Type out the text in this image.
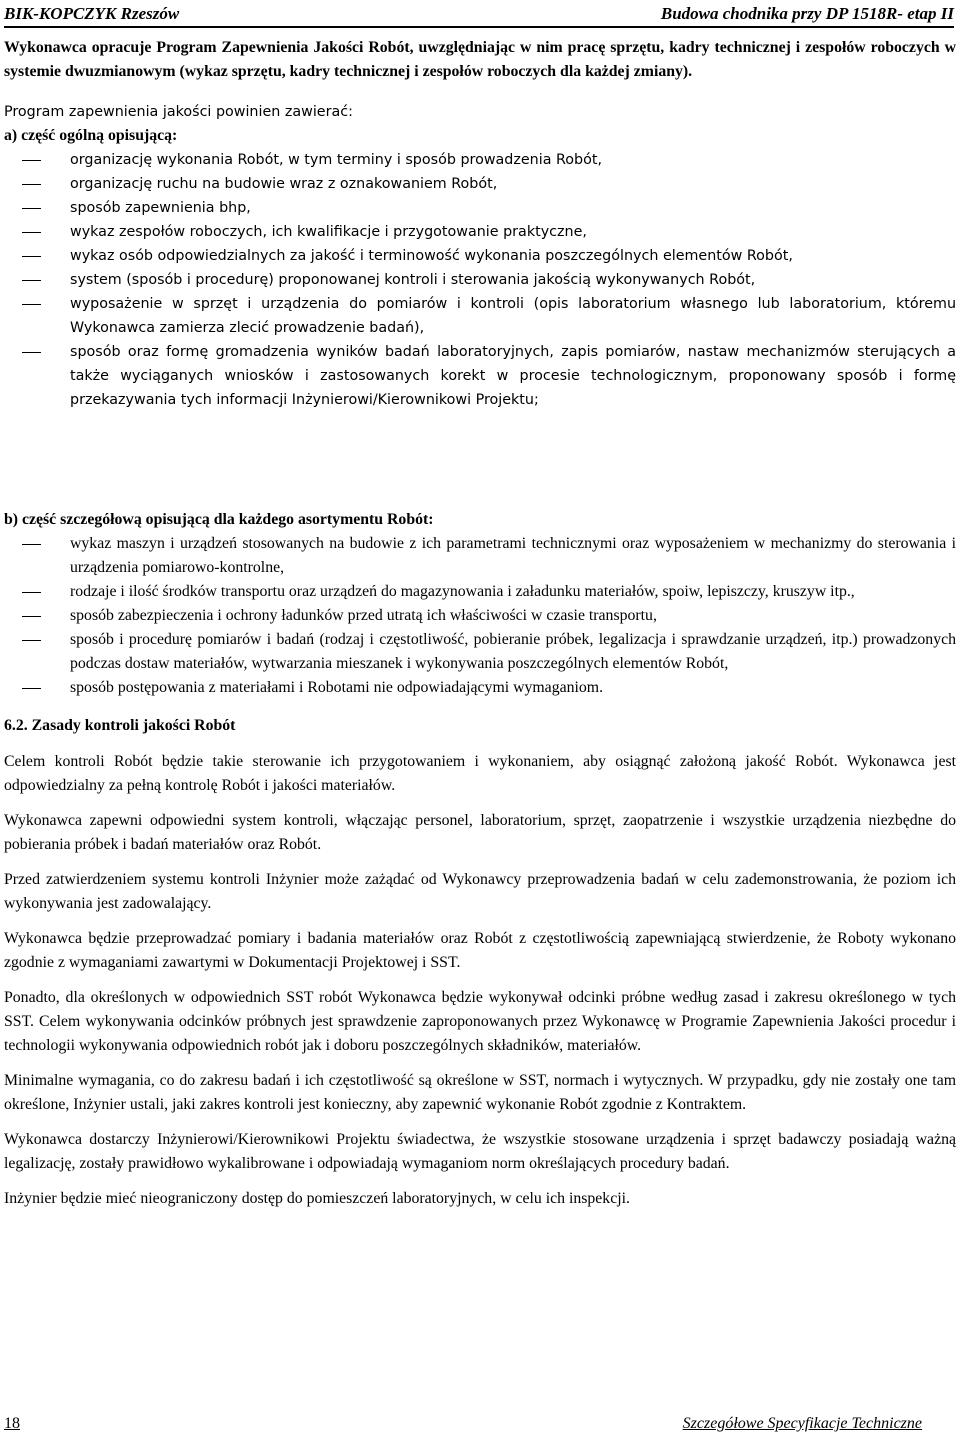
BIK-KOPCZYK Rzeszów	Budowa chodnika przy DP 1518R- etap II

Wykonawca opracuje Program Zapewnienia Jakości Robót, uwzględniając w nim pracę sprzętu, kadry technicznej i zespołów roboczych w systemie dwuzmianowym (wykaz sprzętu, kadry technicznej i zespołów roboczych dla każdej zmiany).

Program zapewnienia jakości powinien zawierać:

a) część ogólną opisującą:

organizację wykonania Robót, w tym terminy i sposób prowadzenia Robót,
organizację ruchu na budowie wraz z oznakowaniem Robót,
sposób zapewnienia bhp,
wykaz zespołów roboczych, ich kwalifikacje i przygotowanie praktyczne,
wykaz osób odpowiedzialnych za jakość i terminowość wykonania poszczególnych elementów Robót,
system (sposób i procedurę) proponowanej kontroli i sterowania jakością wykonywanych Robót,
wyposażenie w sprzęt i urządzenia do pomiarów i kontroli (opis laboratorium własnego lub laboratorium, któremu Wykonawca zamierza zlecić prowadzenie badań),
sposób oraz formę gromadzenia wyników badań laboratoryjnych, zapis pomiarów, nastaw mechanizmów sterujących a także wyciąganych wniosków i zastosowanych korekt w procesie technologicznym, proponowany sposób i formę przekazywania tych informacji Inżynierowi/Kierownikowi Projektu;

b) część szczegółową opisującą dla każdego asortymentu Robót:

wykaz maszyn i urządzeń stosowanych na budowie z ich parametrami technicznymi oraz wyposażeniem w mechanizmy do sterowania i urządzenia pomiarowo-kontrolne,
rodzaje i ilość środków transportu oraz urządzeń do magazynowania i załadunku materiałów, spoiw, lepiszczy, kruszyw itp.,
sposób zabezpieczenia i ochrony ładunków przed utratą ich właściwości w czasie transportu,
sposób i procedurę pomiarów i badań (rodzaj i częstotliwość, pobieranie próbek, legalizacja i sprawdzanie urządzeń, itp.) prowadzonych podczas dostaw materiałów, wytwarzania mieszanek i wykonywania poszczególnych elementów Robót,
sposób postępowania z materiałami i Robotami nie odpowiadającymi wymaganiom.

6.2. Zasady kontroli jakości Robót

Celem kontroli Robót będzie takie sterowanie ich przygotowaniem i wykonaniem, aby osiągnąć założoną jakość Robót. Wykonawca jest odpowiedzialny za pełną kontrolę Robót i jakości materiałów.

Wykonawca zapewni odpowiedni system kontroli, włączając personel, laboratorium, sprzęt, zaopatrzenie i wszystkie urządzenia niezbędne do pobierania próbek i badań materiałów oraz Robót.

Przed zatwierdzeniem systemu kontroli Inżynier może zażądać od Wykonawcy przeprowadzenia badań w celu zademonstrowania, że poziom ich wykonywania jest zadowalający.

Wykonawca będzie przeprowadzać pomiary i badania materiałów oraz Robót z częstotliwością zapewniającą stwierdzenie, że Roboty wykonano zgodnie z wymaganiami zawartymi w Dokumentacji Projektowej i SST.

Ponadto, dla określonych w odpowiednich SST robót Wykonawca będzie wykonywał odcinki próbne według zasad i zakresu określonego w tych SST. Celem wykonywania odcinków próbnych jest sprawdzenie zaproponowanych przez Wykonawcę w Programie Zapewnienia Jakości procedur i technologii wykonywania odpowiednich robót jak i doboru poszczególnych składników, materiałów.

Minimalne wymagania, co do zakresu badań i ich częstotliwość są określone w SST, normach i wytycznych. W przypadku, gdy nie zostały one tam określone, Inżynier ustali, jaki zakres kontroli jest konieczny, aby zapewnić wykonanie Robót zgodnie z Kontraktem.

Wykonawca dostarczy Inżynierowi/Kierownikowi Projektu świadectwa, że wszystkie stosowane urządzenia i sprzęt badawczy posiadają ważną legalizację, zostały prawidłowo wykalibrowane i odpowiadają wymaganiom norm określających procedury badań.

Inżynier będzie mieć nieograniczony dostęp do pomieszczeń laboratoryjnych, w celu ich inspekcji.

18	Szczegółowe Specyfikacje Techniczne
